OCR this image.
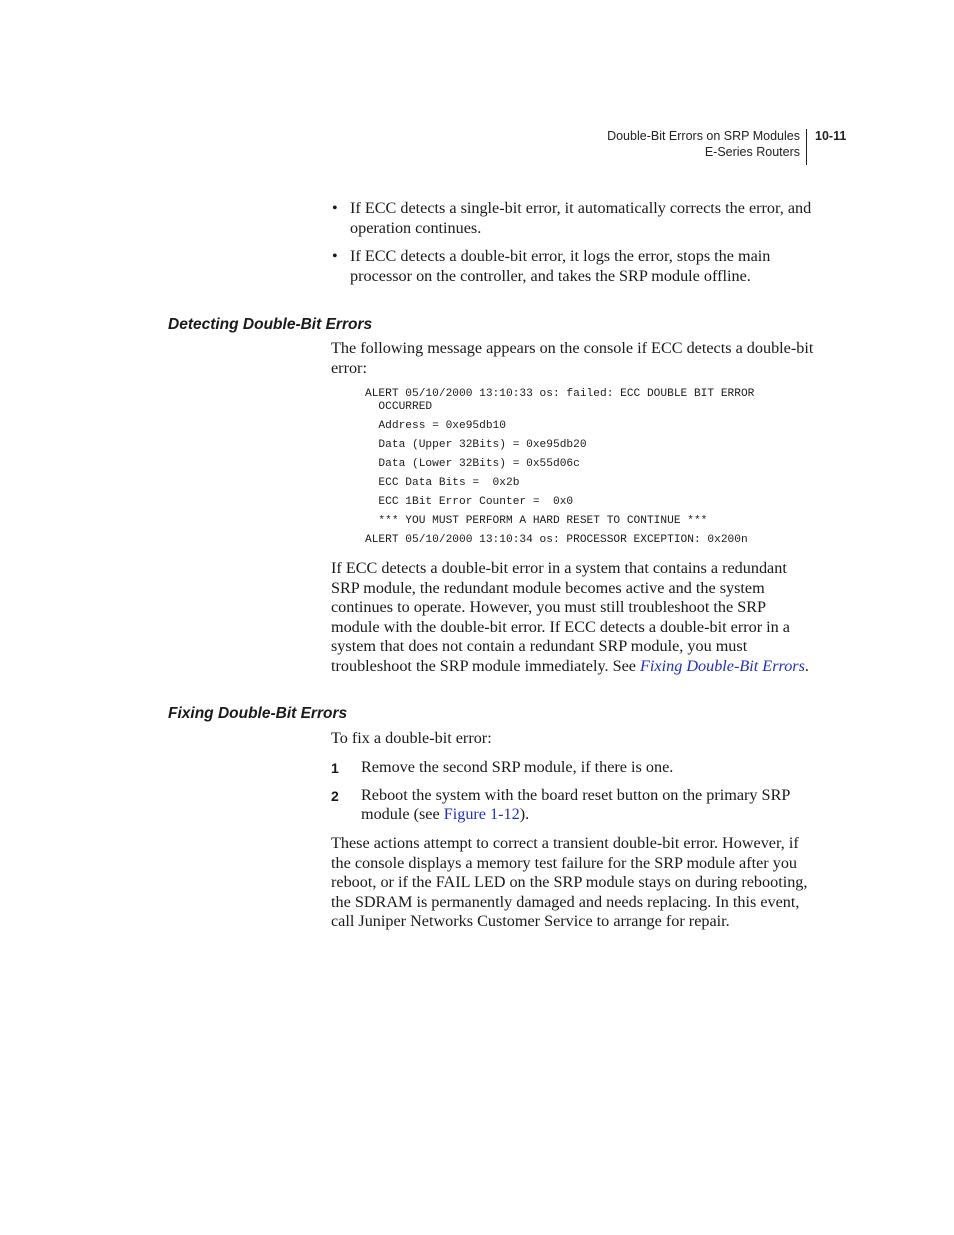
Double-Bit Errors on SRP Modules
E-Series Routers
10-11
• If ECC detects a single-bit error, it automatically corrects the error, and operation continues.
• If ECC detects a double-bit error, it logs the error, stops the main processor on the controller, and takes the SRP module offline.
Detecting Double-Bit Errors

The following message appears on the console if ECC detects a double-bit error:

ALERT 05/10/2000 13:10:33 os: failed: ECC DOUBLE BIT ERROR
OCCURRED
Address = 0xe95db10
Data (Upper 32Bits) = 0xe95db20
Data (Lower 32Bits) = 0x55d06c
ECC Data Bits =  0x2b
ECC 1Bit Error Counter =  0x0
*** YOU MUST PERFORM A HARD RESET TO CONTINUE ***
ALERT 05/10/2000 13:10:34 os: PROCESSOR EXCEPTION: 0x200n

If ECC detects a double-bit error in a system that contains a redundant SRP module, the redundant module becomes active and the system continues to operate. However, you must still troubleshoot the SRP module with the double-bit error. If ECC detects a double-bit error in a system that does not contain a redundant SRP module, you must troubleshoot the SRP module immediately. See Fixing Double-Bit Errors.

Fixing Double-Bit Errors

To fix a double-bit error:

1 Remove the second SRP module, if there is one.
2 Reboot the system with the board reset button on the primary SRP module (see Figure 1-12).

These actions attempt to correct a transient double-bit error. However, if the console displays a memory test failure for the SRP module after you reboot, or if the FAIL LED on the SRP module stays on during rebooting, the SDRAM is permanently damaged and needs replacing. In this event, call Juniper Networks Customer Service to arrange for repair.
